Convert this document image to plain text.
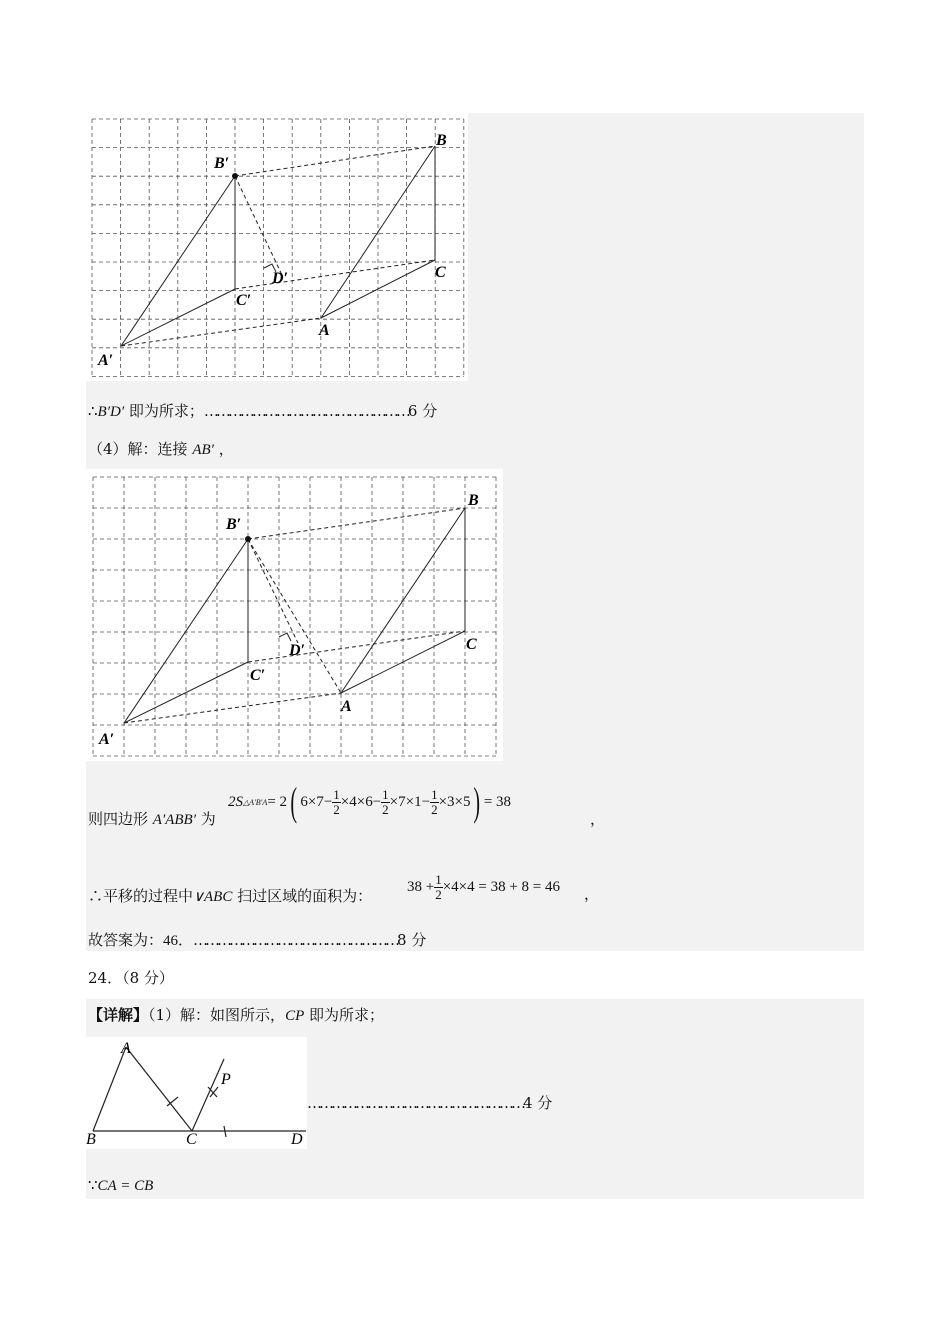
B′
B
C
C′
D′
A
A′
∴B′D′ 即为所求；……………………………………………6 分
（4）解：连接 AB′ ，
B′
B
C
C′
D′
A
A′
则四边形 A′ABB′ 为
2S △A′B′A = 2 ( $6\times 7- \frac{1}{2} \times 4\times 6- \frac{1}{2} \times 7\times 1- \frac{1}{2} \times 3\times 5$ ) = 38
，
∴平移的过程中∨ABC 扫过区域的面积为：
$38 + \frac{1}{2} \times 4\times 4 = 38 + 8 = 46$ ，
故答案为：46．……………………………………………8 分
24．（8 分）
【详解】（1）解：如图所示，CP 即为所求；
A
B	C	D
P
………………………………………………4 分
∵CA = CB
